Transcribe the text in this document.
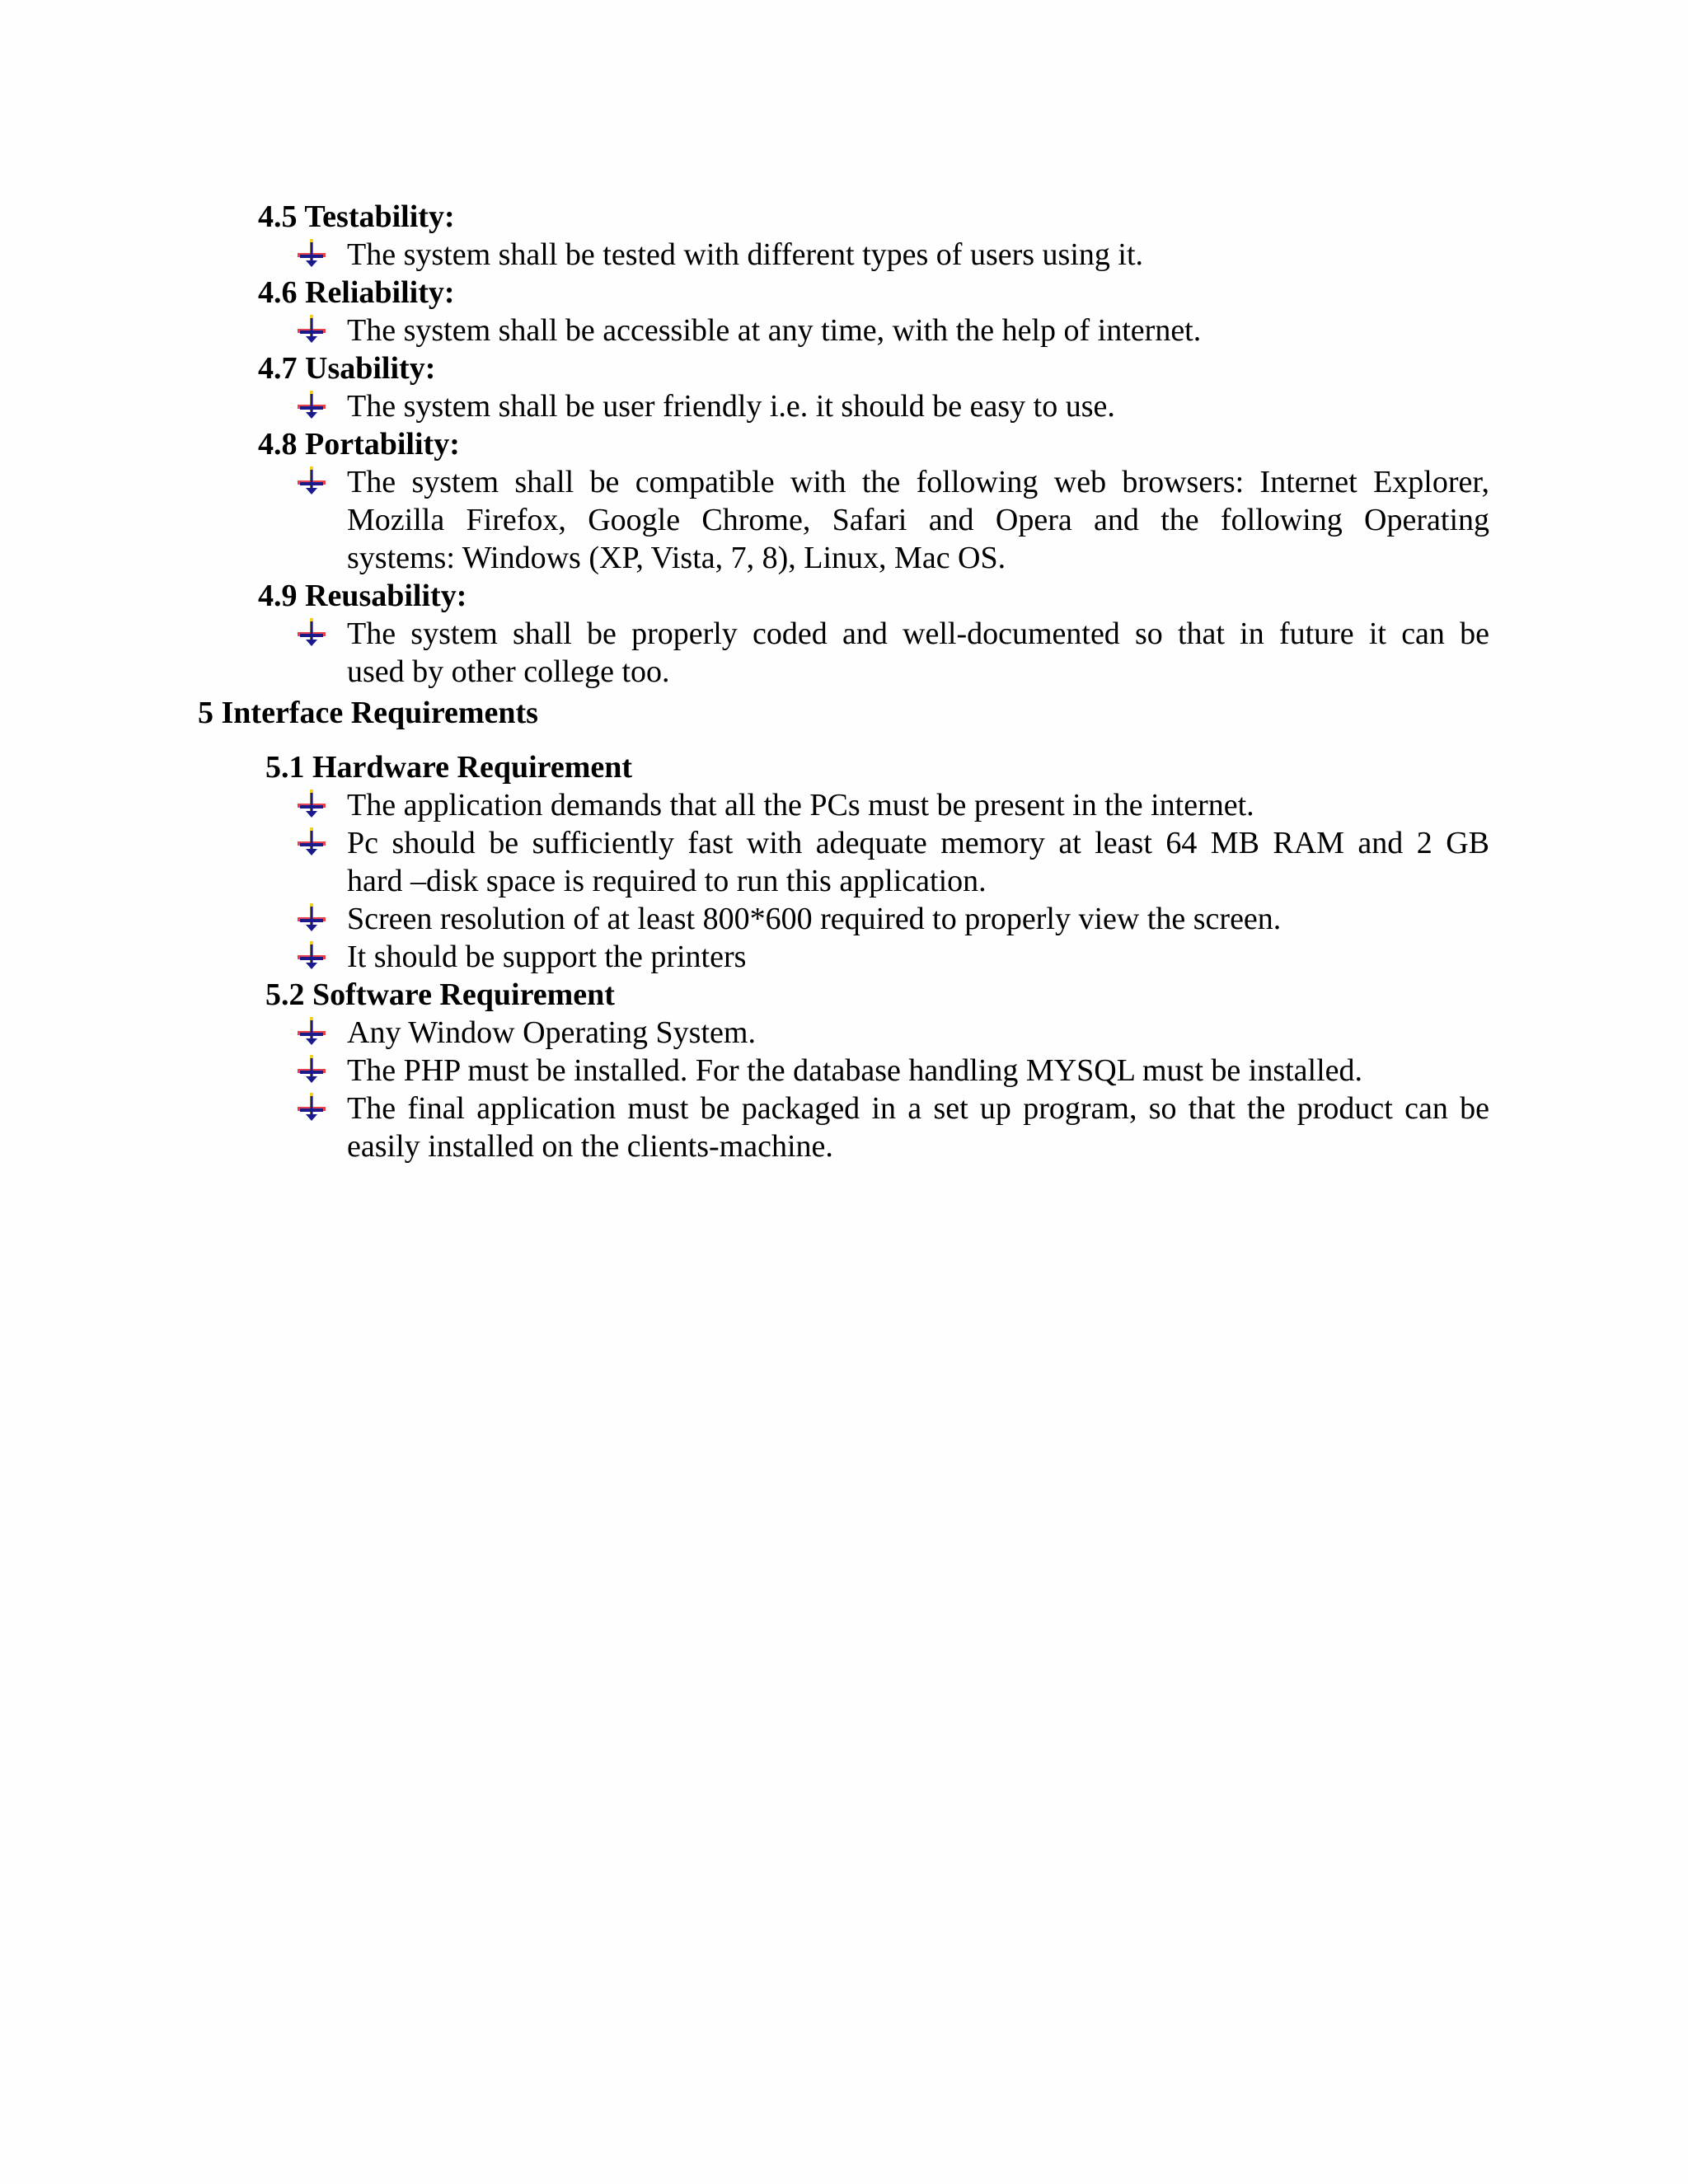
4.5 Testability:
The system shall be tested with different types of users using it.
4.6 Reliability:
The system shall be accessible at any time, with the help of internet.
4.7 Usability:
The system shall be user friendly i.e. it should be easy to use.
4.8 Portability:
The system shall be compatible with the following web browsers: Internet Explorer,
Mozilla Firefox, Google Chrome, Safari and Opera and the following Operating
systems: Windows (XP, Vista, 7, 8), Linux, Mac OS.
4.9 Reusability:
The system shall be properly coded and well-documented so that in future it can be
used by other college too.
5 Interface Requirements
5.1 Hardware Requirement
The application demands that all the PCs must be present in the internet.
Pc should be sufficiently fast with adequate memory at least 64 MB RAM and 2 GB
hard –disk space is required to run this application.
Screen resolution of at least 800*600 required to properly view the screen.
It should be support the printers
5.2 Software Requirement
Any Window Operating System.
The PHP must be installed. For the database handling MYSQL must be installed.
The final application must be packaged in a set up program, so that the product can be
easily installed on the clients-machine.
